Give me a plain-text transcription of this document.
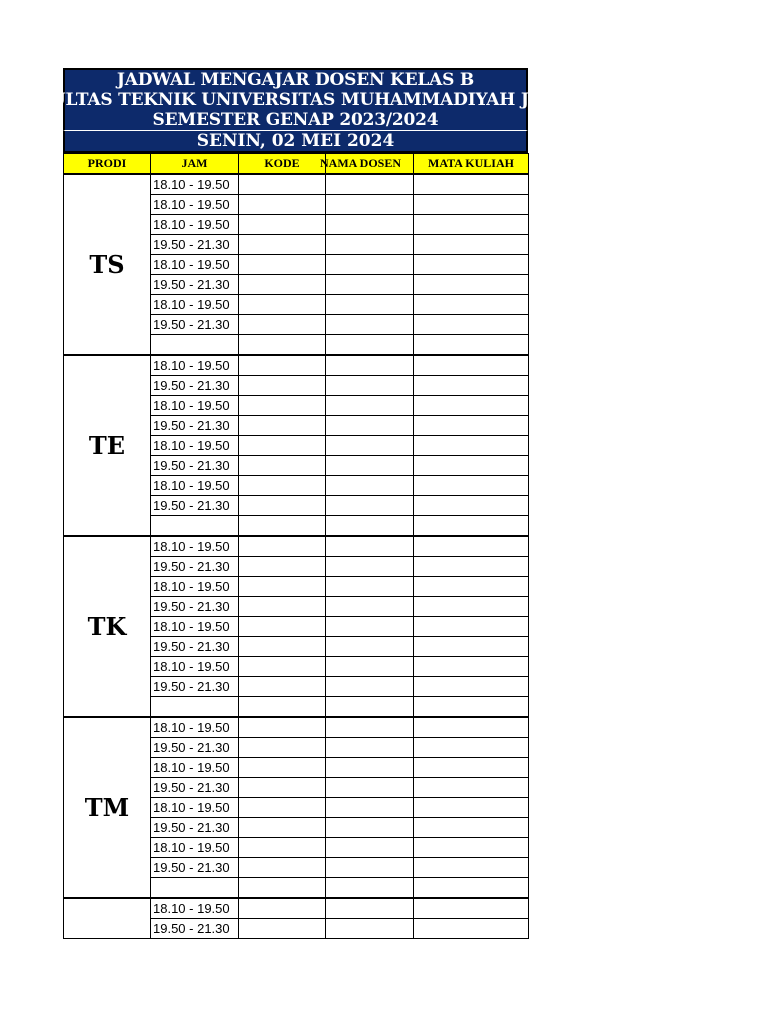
JADWAL MENGAJAR DOSEN KELAS B
FAKULTAS TEKNIK UNIVERSITAS MUHAMMADIYAH JAKARTA
SEMESTER GENAP 2023/2024
SENIN, 02 MEI 2024
PRODI	JAM	KODE	NAMA DOSEN	MATA KULIAH
TS	18.10 - 19.50			
	18.10 - 19.50			
	18.10 - 19.50			
	19.50 - 21.30			
	18.10 - 19.50			
	19.50 - 21.30			
	18.10 - 19.50			
	19.50 - 21.30			

TE	18.10 - 19.50			
	19.50 - 21.30			
	18.10 - 19.50			
	19.50 - 21.30			
	18.10 - 19.50			
	19.50 - 21.30			
	18.10 - 19.50			
	19.50 - 21.30			

TK	18.10 - 19.50			
	19.50 - 21.30			
	18.10 - 19.50			
	19.50 - 21.30			
	18.10 - 19.50			
	19.50 - 21.30			
	18.10 - 19.50			
	19.50 - 21.30			

TM	18.10 - 19.50			
	19.50 - 21.30			
	18.10 - 19.50			
	19.50 - 21.30			
	18.10 - 19.50			
	19.50 - 21.30			
	18.10 - 19.50			
	19.50 - 21.30			

	18.10 - 19.50			
	19.50 - 21.30			
